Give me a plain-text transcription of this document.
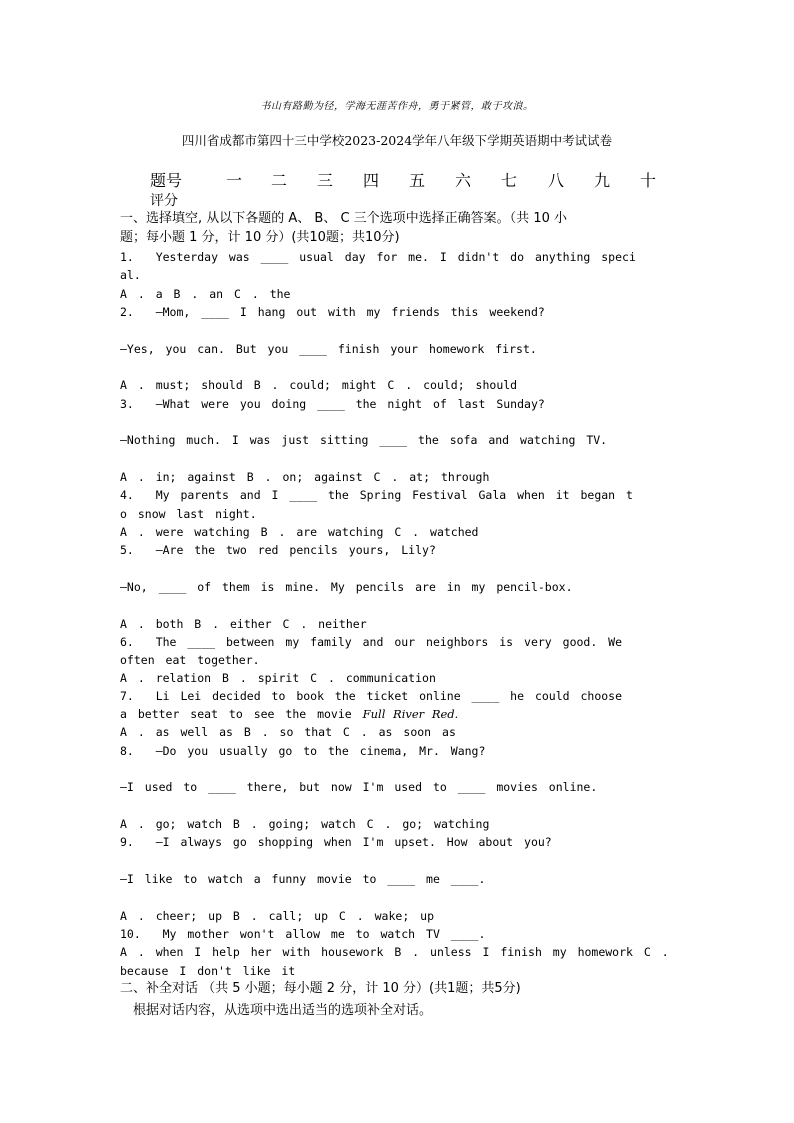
书山有路勤为径，学海无涯苦作舟，勇于紧管，敢于攻浪。
四川省成都市第四十三中学校2023-2024学年八年级下学期英语期中考试试卷
题号	一 二 三 四 五 六 七 八 九 十
评分
一、选择填空, 从以下各题的 A、 B、 C 三个选项中选择正确答案。（共 10 小
题；每小题 1 分，计 10 分）(共10题；共10分)
1.  Yesterday was ____ usual day for me. I didn't do anything speci
al.
A . a B . an C . the
2.  —Mom, ____ I hang out with my friends this weekend?
—Yes, you can. But you ____ finish your homework first.
A . must; should B . could; might C . could; should
3.  —What were you doing ____ the night of last Sunday?
—Nothing much. I was just sitting ____ the sofa and watching TV.
A . in; against B . on; against C . at; through
4.  My parents and I ____ the Spring Festival Gala when it began t
o snow last night.
A . were watching B . are watching C . watched
5.  —Are the two red pencils yours, Lily?
—No, ____ of them is mine. My pencils are in my pencil-box.
A . both B . either C . neither
6.  The ____ between my family and our neighbors is very good. We
often eat together.
A . relation B . spirit C . communication
7.  Li Lei decided to book the ticket online ____ he could choose
a better seat to see the movie Full River Red.
A . as well as B . so that C . as soon as
8.  —Do you usually go to the cinema, Mr. Wang?
—I used to ____ there, but now I'm used to ____ movies online.
A . go; watch B . going; watch C . go; watching
9.  —I always go shopping when I'm upset. How about you?
—I like to watch a funny movie to ____ me ____.
A . cheer; up B . call; up C . wake; up
10.  My mother won't allow me to watch TV ____.
A . when I help her with housework B . unless I finish my homework C .
because I don't like it
二、补全对话 （共 5 小题；每小题 2 分，计 10 分）(共1题；共5分)
根据对话内容，从选项中选出适当的选项补全对话。
